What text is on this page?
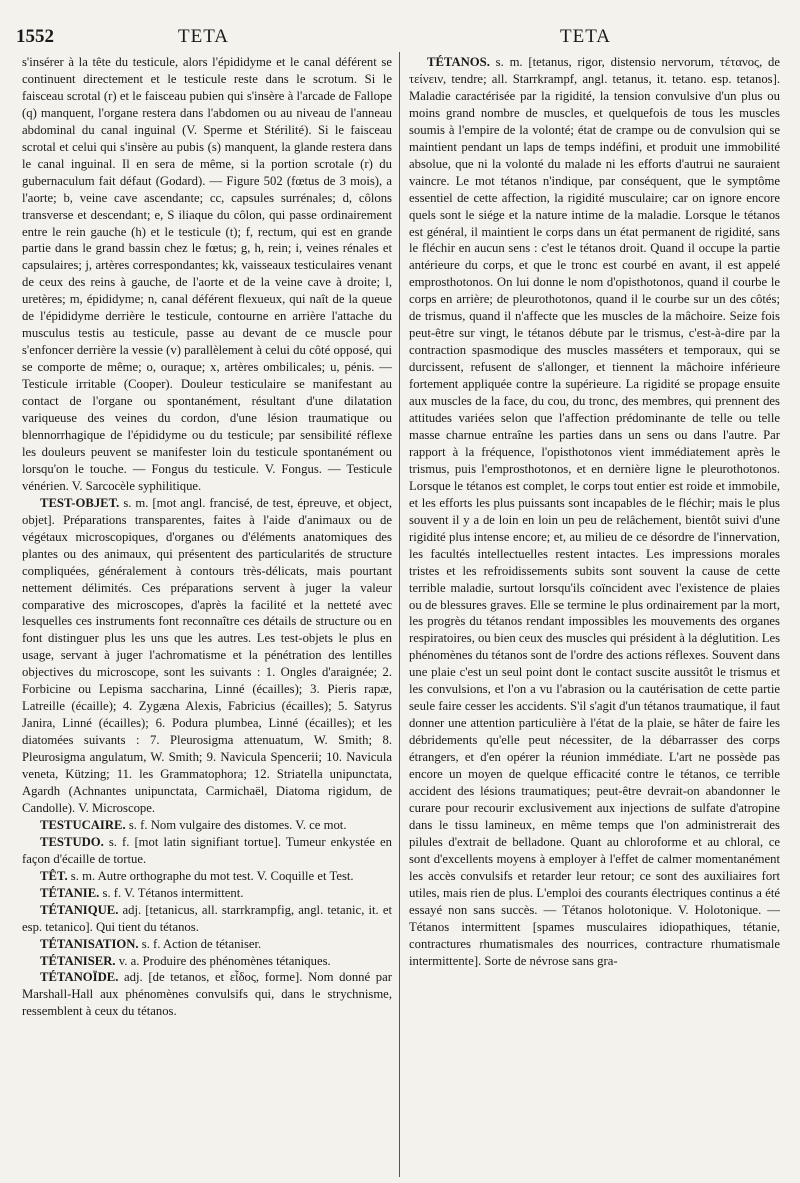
1552	TETA	TETA

s'insérer à la tête du testicule, alors l'épididyme et le canal déférent se continuent directement et le testicule reste dans le scrotum. Si le faisceau scrotal (r) et le faisceau pubien qui s'insère à l'arcade de Fallope (q) manquent, l'organe restera dans l'abdomen ou au niveau de l'anneau abdominal du canal inguinal (V. Sperme et Stérilité). Si le faisceau scrotal et celui qui s'insère au pubis (s) manquent, la glande restera dans le canal inguinal. Il en sera de même, si la portion scrotale (r) du gubernaculum fait défaut (Godard). — Figure 502 (fœtus de 3 mois), a l'aorte; b, veine cave ascendante; cc, capsules surrénales; d, côlons transverse et descendant; e, S iliaque du côlon, qui passe ordinairement entre le rein gauche (h) et le testicule (t); f, rectum, qui est en grande partie dans le grand bassin chez le fœtus; g, h, rein; i, veines rénales et capsulaires; j, artères correspondantes; kk, vaisseaux testiculaires venant de ceux des reins à gauche, de l'aorte et de la veine cave à droite; l, uretères; m, épididyme; n, canal déférent flexueux, qui naît de la queue de l'épididyme derrière le testicule, contourne en arrière l'attache du musculus testis au testicule, passe au devant de ce muscle pour s'enfoncer derrière la vessie (v) parallèlement à celui du côté opposé, qui se comporte de même; o, ouraque; x, artères ombilicales; u, pénis. — Testicule irritable (Cooper). Douleur testiculaire se manifestant au contact de l'organe ou spontanément, résultant d'une dilatation variqueuse des veines du cordon, d'une lésion traumatique ou blennorrhagique de l'épididyme ou du testicule; par sensibilité réflexe les douleurs peuvent se manifester loin du testicule spontanément ou lorsqu'on le touche. — Fongus du testicule. V. Fongus. — Testicule vénérien. V. Sarcocèle syphilitique.

TEST-OBJET. s. m. [mot angl. francisé, de test, épreuve, et object, objet]. Préparations transparentes, faites à l'aide d'animaux ou de végétaux microscopiques, d'organes ou d'éléments anatomiques des plantes ou des animaux, qui présentent des particularités de structure compliquées, généralement à contours très-délicats, mais pourtant nettement délimités. Ces préparations servent à juger la valeur comparative des microscopes, d'après la facilité et la netteté avec lesquelles ces instruments font reconnaître ces détails de structure ou en font distinguer plus les uns que les autres. Les test-objets le plus en usage, servant à juger l'achromatisme et la pénétration des lentilles objectives du microscope, sont les suivants : 1. Ongles d'araignée; 2. Forbicine ou Lepisma saccharina, Linné (écailles); 3. Pieris rapæ, Latreille (écaille); 4. Zygæna Alexis, Fabricius (écailles); 5. Satyrus Janira, Linné (écailles); 6. Podura plumbea, Linné (écailles); et les diatomées suivants : 7. Pleurosigma attenuatum, W. Smith; 8. Pleurosigma angulatum, W. Smith; 9. Navicula Spencerii; 10. Navicula veneta, Kützing; 11. les Grammatophora; 12. Striatella unipunctata, Agardh (Achnantes unipunctata, Carmichaël, Diatoma rigidum, de Candolle). V. Microscope.

TESTUCAIRE. s. f. Nom vulgaire des distomes. V. ce mot.

TESTUDO. s. f. [mot latin signifiant tortue]. Tumeur enkystée en façon d'écaille de tortue.

TÊT. s. m. Autre orthographe du mot test. V. Coquille et Test.

TÉTANIE. s. f. V. Tétanos intermittent.

TÉTANIQUE. adj. [tetanicus, all. starrkrampfig, angl. tetanic, it. et esp. tetanico]. Qui tient du tétanos.

TÉTANISATION. s. f. Action de tétaniser.

TÉTANISER. v. a. Produire des phénomènes tétaniques.

TÉTANOÏDE. adj. [de tetanos, et εἶδος, forme]. Nom donné par Marshall-Hall aux phénomènes convulsifs qui, dans le strychnisme, ressemblent à ceux du tétanos.

TÉTANOS. s. m. [tetanus, rigor, distensio nervorum, τέτανος, de τείνειν, tendre; all. Starrkrampf, angl. tetanus, it. tetano. esp. tetanos]. Maladie caractérisée par la rigidité, la tension convulsive d'un plus ou moins grand nombre de muscles, et quelquefois de tous les muscles soumis à l'empire de la volonté; état de crampe ou de convulsion qui se maintient pendant un laps de temps indéfini, et produit une immobilité absolue, que ni la volonté du malade ni les efforts d'autrui ne sauraient vaincre. Le mot tétanos n'indique, par conséquent, que le symptôme essentiel de cette affection, la rigidité musculaire; car on ignore encore quels sont le siége et la nature intime de la maladie. Lorsque le tétanos est général, il maintient le corps dans un état permanent de rigidité, sans le fléchir en aucun sens : c'est le tétanos droit. Quand il occupe la partie antérieure du corps, et que le tronc est courbé en avant, il est appelé emprosthotonos. On lui donne le nom d'opisthotonos, quand il courbe le corps en arrière; de pleurothotonos, quand il le courbe sur un des côtés; de trismus, quand il n'affecte que les muscles de la mâchoire. Seize fois peut-être sur vingt, le tétanos débute par le trismus, c'est-à-dire par la contraction spasmodique des muscles masséters et temporaux, qui se durcissent, refusent de s'allonger, et tiennent la mâchoire inférieure fortement appliquée contre la supérieure. La rigidité se propage ensuite aux muscles de la face, du cou, du tronc, des membres, qui prennent des attitudes variées selon que l'affection prédominante de telle ou telle masse charnue entraîne les parties dans un sens ou dans l'autre. Par rapport à la fréquence, l'opisthotonos vient immédiatement après le trismus, puis l'emprosthotonos, et en dernière ligne le pleurothotonos. Lorsque le tétanos est complet, le corps tout entier est roide et immobile, et les efforts les plus puissants sont incapables de le fléchir; mais le plus souvent il y a de loin en loin un peu de relâchement, bientôt suivi d'une rigidité plus intense encore; et, au milieu de ce désordre de l'innervation, les facultés intellectuelles restent intactes. Les impressions morales tristes et les refroidissements subits sont souvent la cause de cette terrible maladie, surtout lorsqu'ils coïncident avec l'existence de plaies ou de blessures graves. Elle se termine le plus ordinairement par la mort, les progrès du tétanos rendant impossibles les mouvements des organes respiratoires, ou bien ceux des muscles qui président à la déglutition. Les phénomènes du tétanos sont de l'ordre des actions réflexes. Souvent dans une plaie c'est un seul point dont le contact suscite aussitôt le trismus et les convulsions, et l'on a vu l'abrasion ou la cautérisation de cette partie seule faire cesser les accidents. S'il s'agit d'un tétanos traumatique, il faut donner une attention particulière à l'état de la plaie, se hâter de faire les débridements qu'elle peut nécessiter, de la débarrasser des corps étrangers, et d'en opérer la réunion immédiate. L'art ne possède pas encore un moyen de quelque efficacité contre le tétanos, ce terrible accident des lésions traumatiques; peut-être devrait-on abandonner le curare pour recourir exclusivement aux injections de sulfate d'atropine dans le tissu lamineux, en même temps que l'on administrerait des pilules d'extrait de belladone. Quant au chloroforme et au chloral, ce sont d'excellents moyens à employer à l'effet de calmer momentanément les accès convulsifs et retarder leur retour; ce sont des auxiliaires fort utiles, mais rien de plus. L'emploi des courants électriques continus a été essayé non sans succès. — Tétanos holotonique. V. Holotonique. — Tétanos intermittent [spames musculaires idiopathiques, tétanie, contractures rhumatismales des nourrices, contracture rhumatismale intermittente]. Sorte de névrose sans gra-
